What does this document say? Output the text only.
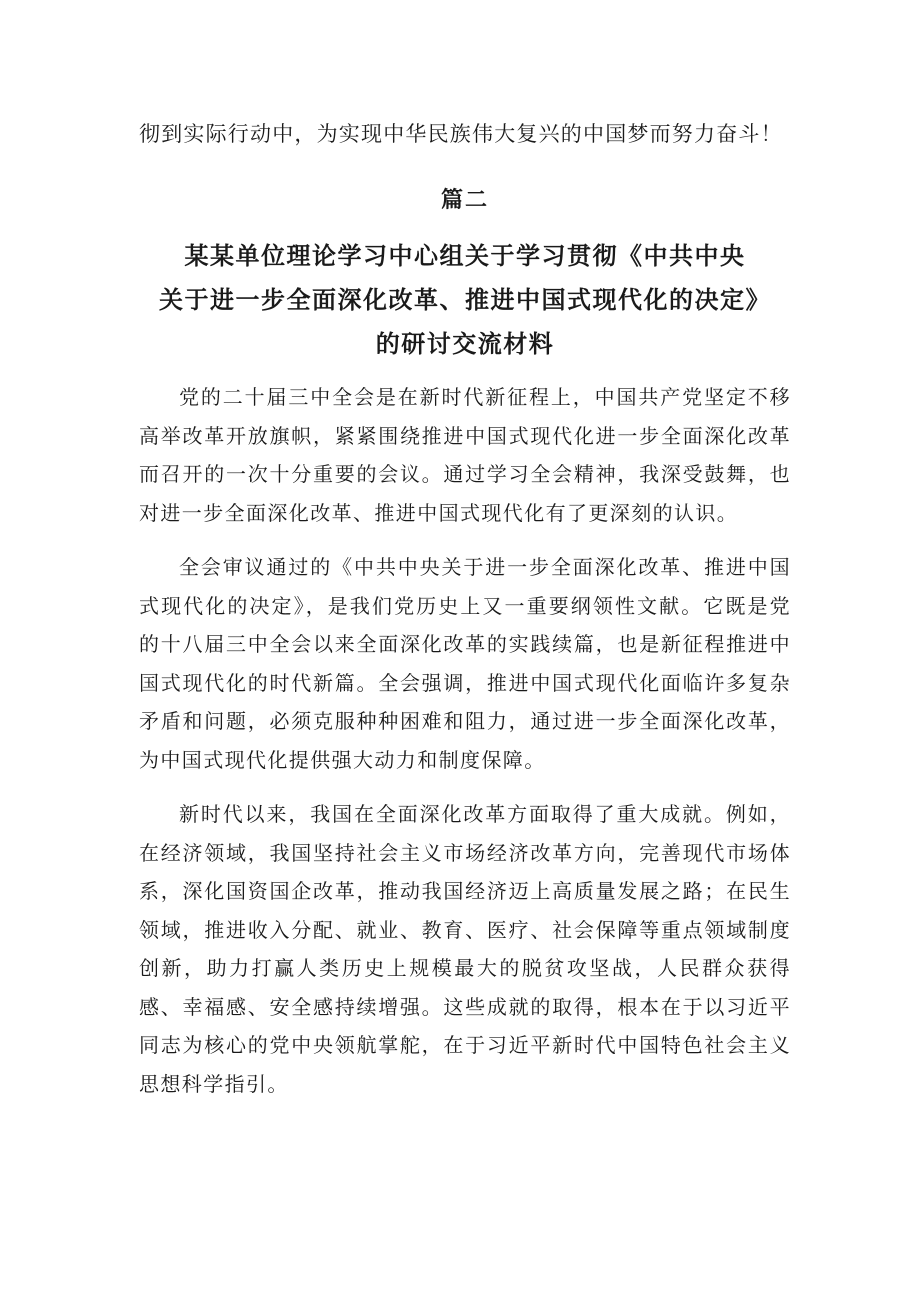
彻到实际行动中，为实现中华民族伟大复兴的中国梦而努力奋斗！

篇二

某某单位理论学习中心组关于学习贯彻《中共中央
关于进一步全面深化改革、推进中国式现代化的决定》
的研讨交流材料

党的二十届三中全会是在新时代新征程上，中国共产党坚定不移高举改革开放旗帜，紧紧围绕推进中国式现代化进一步全面深化改革而召开的一次十分重要的会议。通过学习全会精神，我深受鼓舞，也对进一步全面深化改革、推进中国式现代化有了更深刻的认识。

全会审议通过的《中共中央关于进一步全面深化改革、推进中国式现代化的决定》，是我们党历史上又一重要纲领性文献。它既是党的十八届三中全会以来全面深化改革的实践续篇，也是新征程推进中国式现代化的时代新篇。全会强调，推进中国式现代化面临许多复杂矛盾和问题，必须克服种种困难和阻力，通过进一步全面深化改革，为中国式现代化提供强大动力和制度保障。

新时代以来，我国在全面深化改革方面取得了重大成就。例如，在经济领域，我国坚持社会主义市场经济改革方向，完善现代市场体系，深化国资国企改革，推动我国经济迈上高质量发展之路；在民生领域，推进收入分配、就业、教育、医疗、社会保障等重点领域制度创新，助力打赢人类历史上规模最大的脱贫攻坚战，人民群众获得感、幸福感、安全感持续增强。这些成就的取得，根本在于以习近平同志为核心的党中央领航掌舵，在于习近平新时代中国特色社会主义思想科学指引。
